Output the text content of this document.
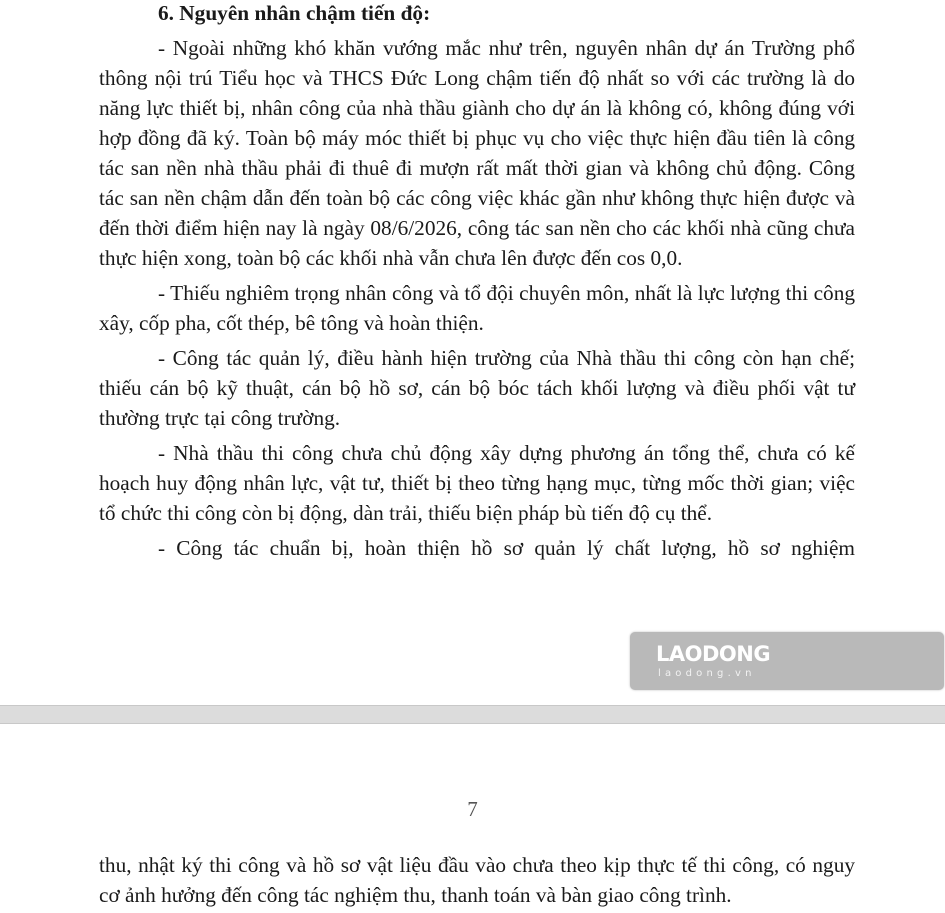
6. Nguyên nhân chậm tiến độ:

- Ngoài những khó khăn vướng mắc như trên, nguyên nhân dự án Trường phổ thông nội trú Tiểu học và THCS Đức Long chậm tiến độ nhất so với các trường là do năng lực thiết bị, nhân công của nhà thầu giành cho dự án là không có, không đúng với hợp đồng đã ký. Toàn bộ máy móc thiết bị phục vụ cho việc thực hiện đầu tiên là công tác san nền nhà thầu phải đi thuê đi mượn rất mất thời gian và không chủ động. Công tác san nền chậm dẫn đến toàn bộ các công việc khác gần như không thực hiện được và đến thời điểm hiện nay là ngày 08/6/2026, công tác san nền cho các khối nhà cũng chưa thực hiện xong, toàn bộ các khối nhà vẫn chưa lên được đến cos 0,0.

- Thiếu nghiêm trọng nhân công và tổ đội chuyên môn, nhất là lực lượng thi công xây, cốp pha, cốt thép, bê tông và hoàn thiện.

- Công tác quản lý, điều hành hiện trường của Nhà thầu thi công còn hạn chế; thiếu cán bộ kỹ thuật, cán bộ hồ sơ, cán bộ bóc tách khối lượng và điều phối vật tư thường trực tại công trường.

- Nhà thầu thi công chưa chủ động xây dựng phương án tổng thể, chưa có kế hoạch huy động nhân lực, vật tư, thiết bị theo từng hạng mục, từng mốc thời gian; việc tổ chức thi công còn bị động, dàn trải, thiếu biện pháp bù tiến độ cụ thể.

- Công tác chuẩn bị, hoàn thiện hồ sơ quản lý chất lượng, hồ sơ nghiệm

LAODONG
laodong.vn
7

thu, nhật ký thi công và hồ sơ vật liệu đầu vào chưa theo kịp thực tế thi công, có nguy cơ ảnh hưởng đến công tác nghiệm thu, thanh toán và bàn giao công trình.
